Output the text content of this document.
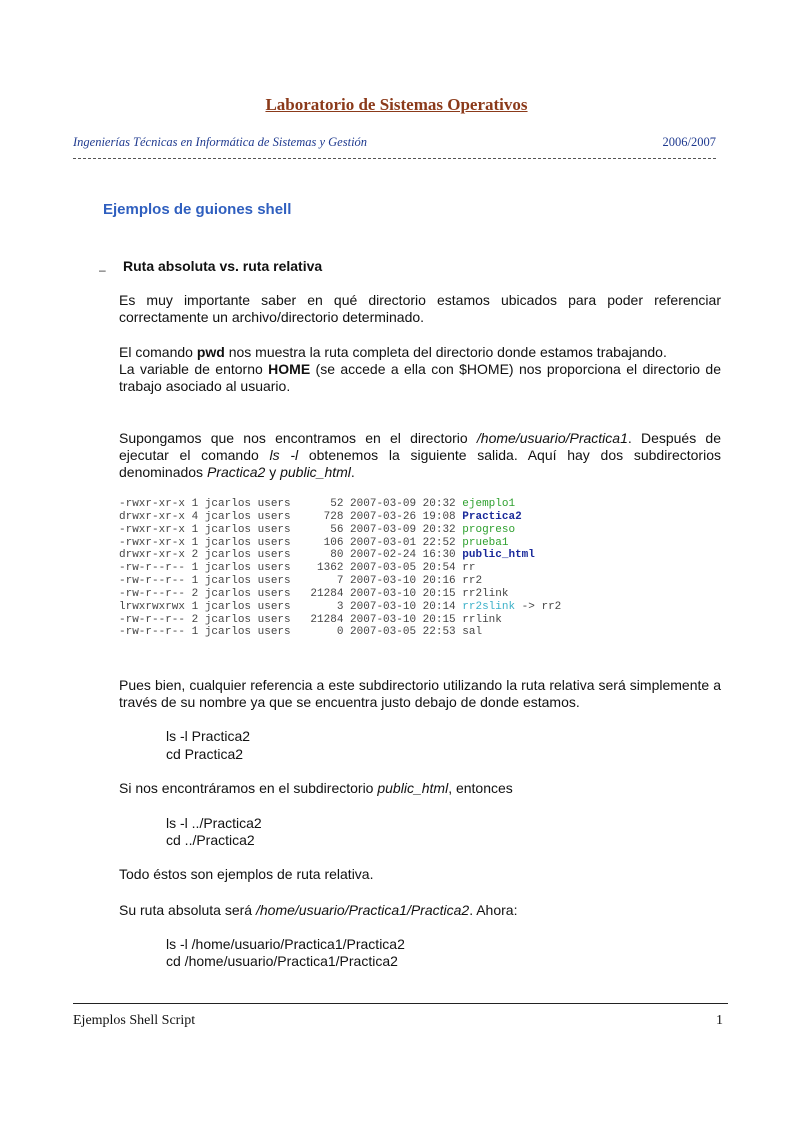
Laboratorio de Sistemas Operativos
Ingenierías Técnicas en Informática de Sistemas y Gestión	2006/2007
Ejemplos de guiones shell
– Ruta absoluta vs. ruta relativa
Es muy importante saber en qué directorio estamos ubicados para poder referenciar correctamente un archivo/directorio determinado.
El comando pwd nos muestra la ruta completa del directorio donde estamos trabajando.
La variable de entorno HOME (se accede a ella con $HOME) nos proporciona el directorio de trabajo asociado al usuario.
Supongamos que nos encontramos en el directorio /home/usuario/Practica1. Después de ejecutar el comando ls -l obtenemos la siguiente salida. Aquí hay dos subdirectorios denominados Practica2 y public_html.
-rwxr-xr-x 1 jcarlos users      52 2007-03-09 20:32 ejemplo1
drwxr-xr-x 4 jcarlos users     728 2007-03-26 19:08 Practica2
-rwxr-xr-x 1 jcarlos users      56 2007-03-09 20:32 progreso
-rwxr-xr-x 1 jcarlos users     106 2007-03-01 22:52 prueba1
drwxr-xr-x 2 jcarlos users      80 2007-02-24 16:30 public_html
-rw-r--r-- 1 jcarlos users    1362 2007-03-05 20:54 rr
-rw-r--r-- 1 jcarlos users       7 2007-03-10 20:16 rr2
-rw-r--r-- 2 jcarlos users   21284 2007-03-10 20:15 rr2link
lrwxrwxrwx 1 jcarlos users       3 2007-03-10 20:14 rr2slink -> rr2
-rw-r--r-- 2 jcarlos users   21284 2007-03-10 20:15 rrlink
-rw-r--r-- 1 jcarlos users       0 2007-03-05 22:53 sal
Pues bien, cualquier referencia a este subdirectorio utilizando la ruta relativa será simplemente a través de su nombre ya que se encuentra justo debajo de donde estamos.
ls -l Practica2
cd Practica2
Si nos encontráramos en el subdirectorio public_html, entonces
ls -l ../Practica2
cd ../Practica2
Todo éstos son ejemplos de ruta relativa.
Su ruta absoluta será /home/usuario/Practica1/Practica2. Ahora:
ls -l /home/usuario/Practica1/Practica2
cd /home/usuario/Practica1/Practica2
Ejemplos Shell Script	1
